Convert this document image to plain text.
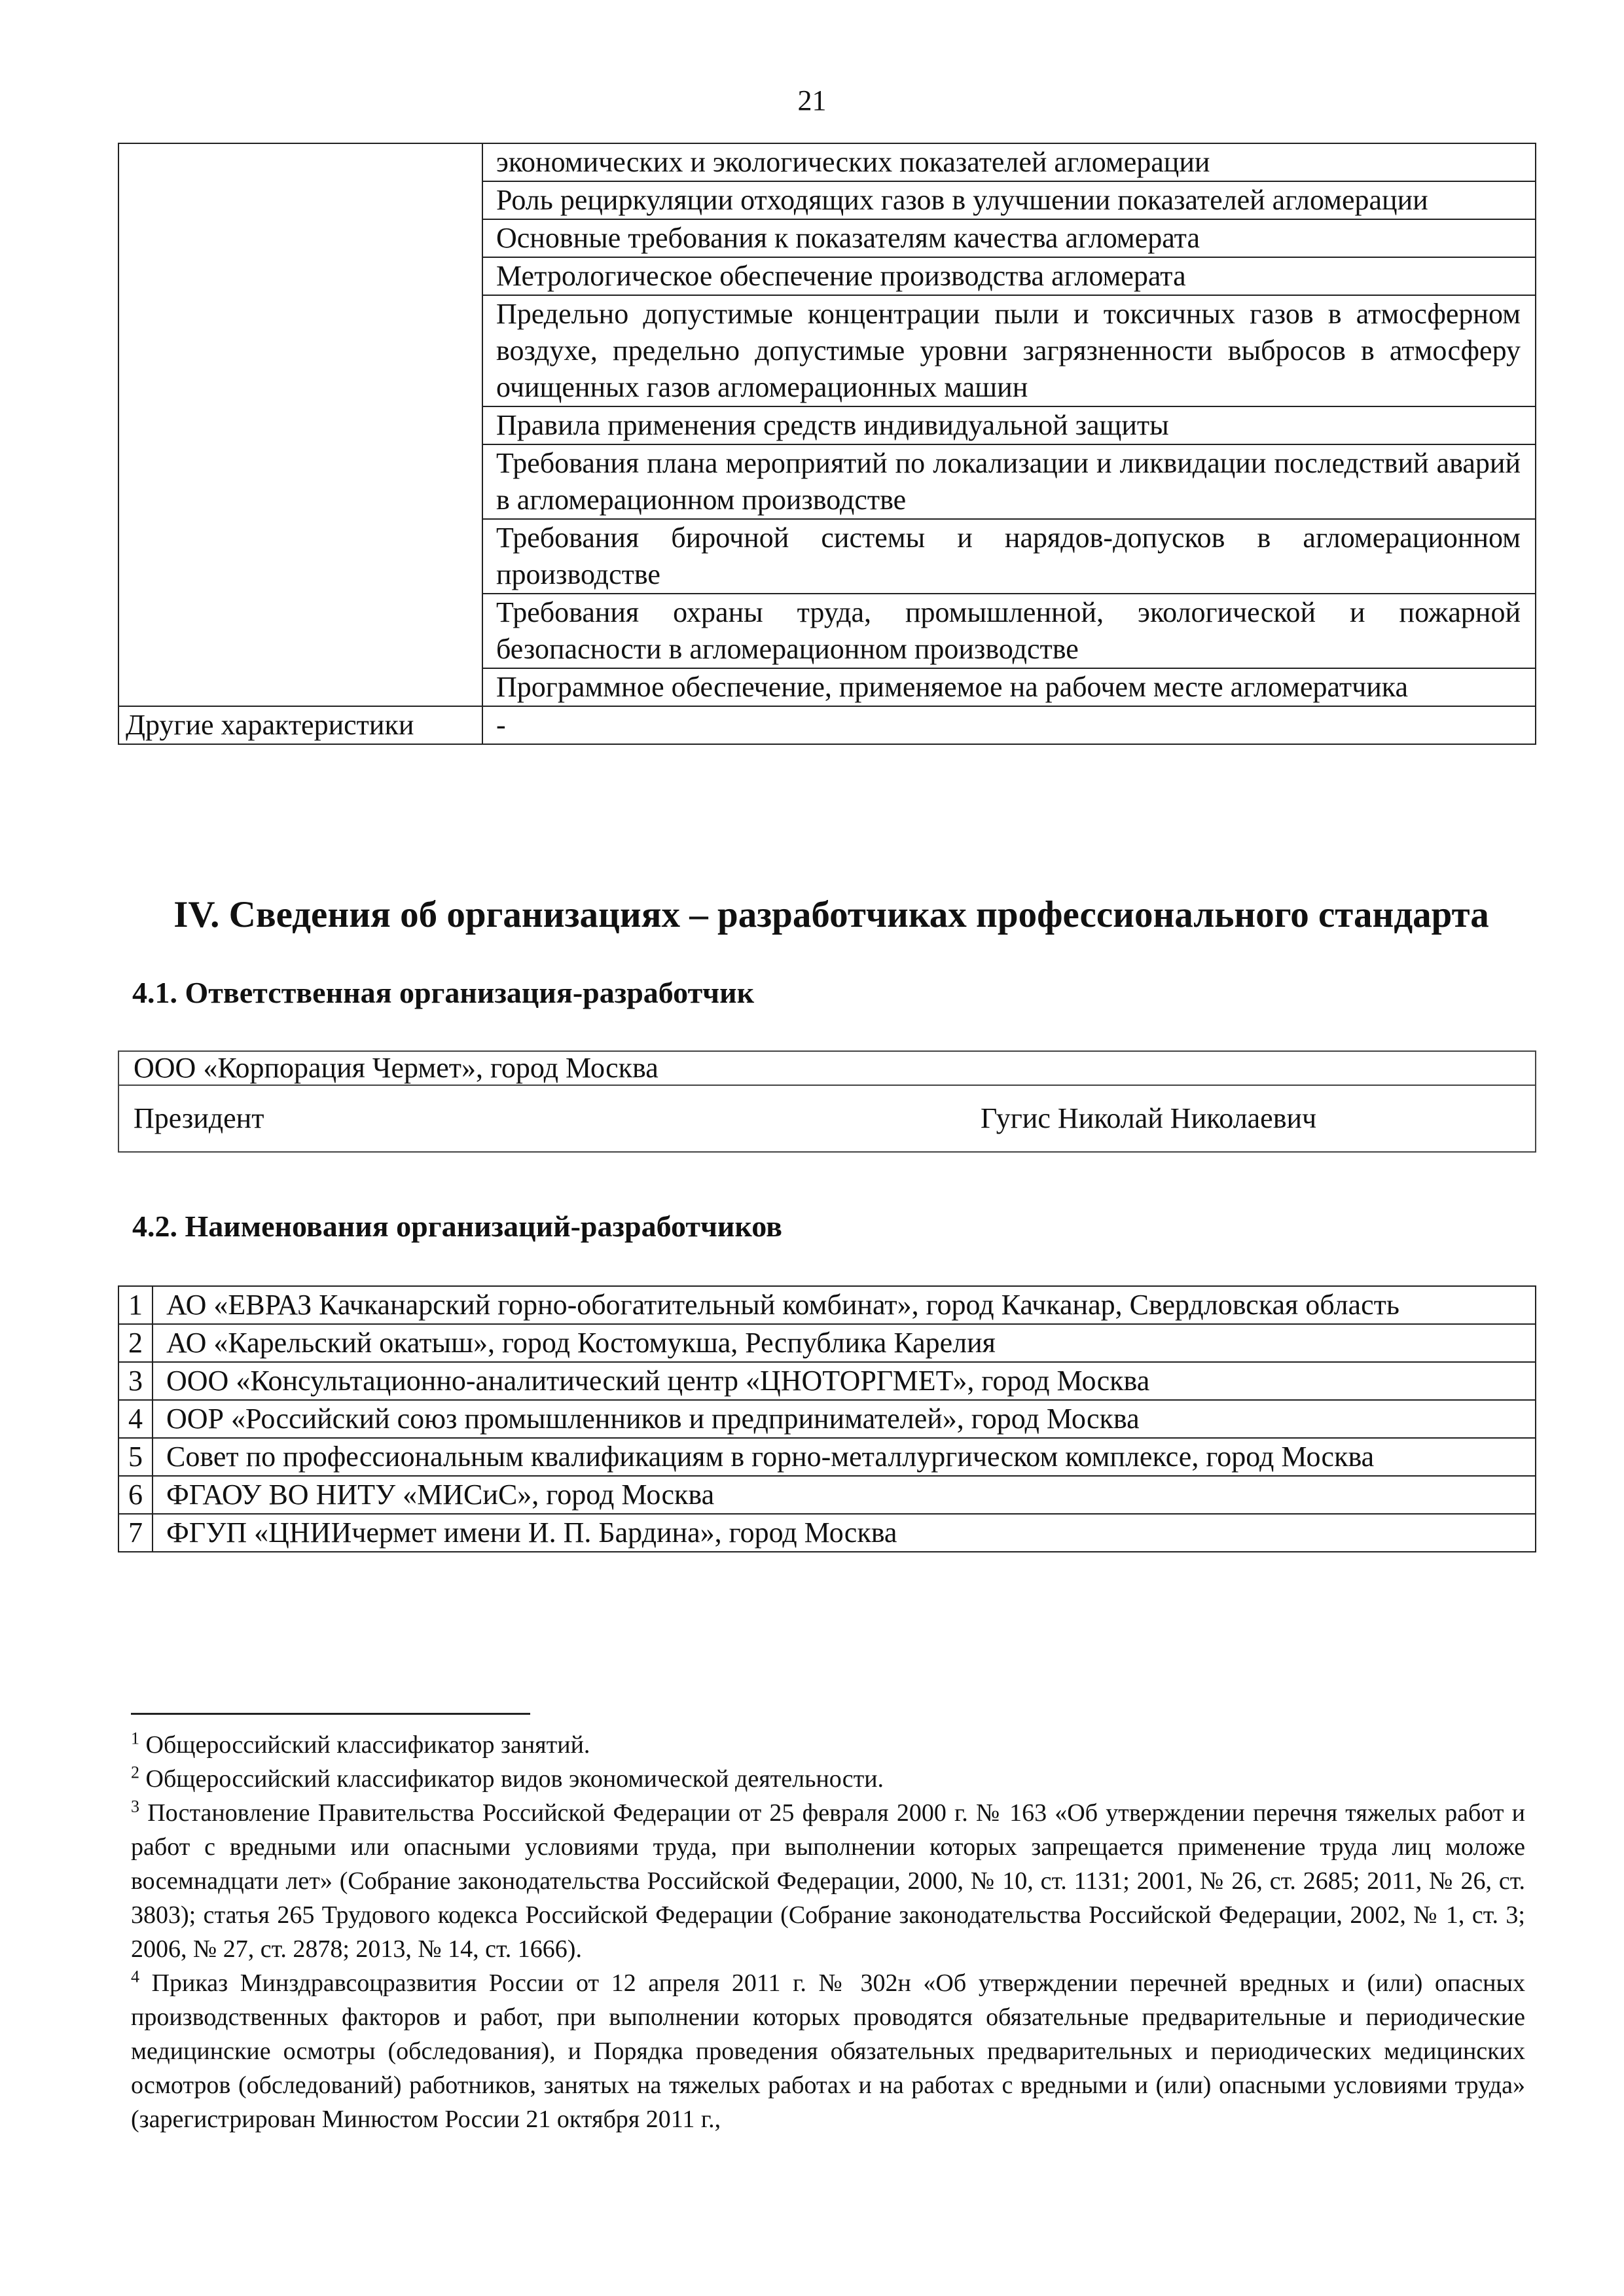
21
	экономических и экологических показателей агломерации
	Роль рециркуляции отходящих газов в улучшении показателей агломерации
	Основные требования к показателям качества агломерата
	Метрологическое обеспечение производства агломерата
	Предельно допустимые концентрации пыли и токсичных газов в атмосферном воздухе, предельно допустимые уровни загрязненности выбросов в атмосферу очищенных газов агломерационных машин
	Правила применения средств индивидуальной защиты
	Требования плана мероприятий по локализации и ликвидации последствий аварий в агломерационном производстве
	Требования бирочной системы и нарядов-допусков в агломерационном производстве
	Требования охраны труда, промышленной, экологической и пожарной безопасности в агломерационном производстве
	Программное обеспечение, применяемое на рабочем месте агломератчика
Другие характеристики	-
IV. Сведения об организациях – разработчиках профессионального стандарта
4.1. Ответственная организация-разработчик
ООО «Корпорация Чермет», город Москва
Президент	Гугис Николай Николаевич
4.2. Наименования организаций-разработчиков
1	АО «ЕВРАЗ Качканарский горно-обогатительный комбинат», город Качканар, Свердловская область
2	АО «Карельский окатыш», город Костомукша, Республика Карелия
3	ООО «Консультационно-аналитический центр «ЦНОТОРГМЕТ», город Москва
4	ООР «Российский союз промышленников и предпринимателей», город Москва
5	Совет по профессиональным квалификациям в горно-металлургическом комплексе, город Москва
6	ФГАОУ ВО НИТУ «МИСиС», город Москва
7	ФГУП «ЦНИИчермет имени И. П. Бардина», город Москва

$^1$ Общероссийский классификатор занятий.

$^2$ Общероссийский классификатор видов экономической деятельности.

$^3$ Постановление Правительства Российской Федерации от 25 февраля 2000 г. № 163 «Об утверждении перечня тяжелых работ и работ с вредными или опасными условиями труда, при выполнении которых запрещается применение труда лиц моложе восемнадцати лет» (Собрание законодательства Российской Федерации, 2000, № 10, ст. 1131; 2001, № 26, ст. 2685; 2011, № 26, ст. 3803); статья 265 Трудового кодекса Российской Федерации (Собрание законодательства Российской Федерации, 2002, № 1, ст. 3; 2006, № 27, ст. 2878; 2013, № 14, ст. 1666).

$^4$ Приказ Минздравсоцразвития России от 12 апреля 2011 г. № 302н «Об утверждении перечней вредных и (или) опасных производственных факторов и работ, при выполнении которых проводятся обязательные предварительные и периодические медицинские осмотры (обследования), и Порядка проведения обязательных предварительных и периодических медицинских осмотров (обследований) работников, занятых на тяжелых работах и на работах с вредными и (или) опасными условиями труда» (зарегистрирован Минюстом России 21 октября 2011 г.,
